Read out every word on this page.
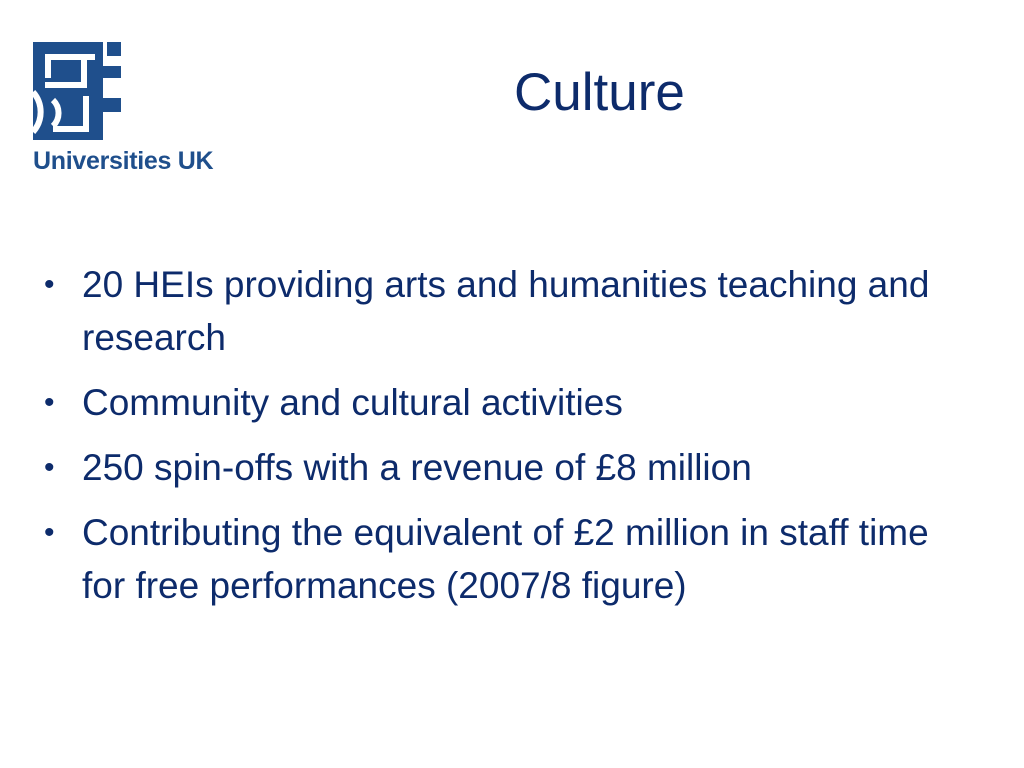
Universities UK
Culture
• 20 HEIs providing arts and humanities teaching and research
• Community and cultural activities
• 250 spin-offs with a revenue of £8 million
• Contributing the equivalent of £2 million in staff time for free performances (2007/8 figure)
